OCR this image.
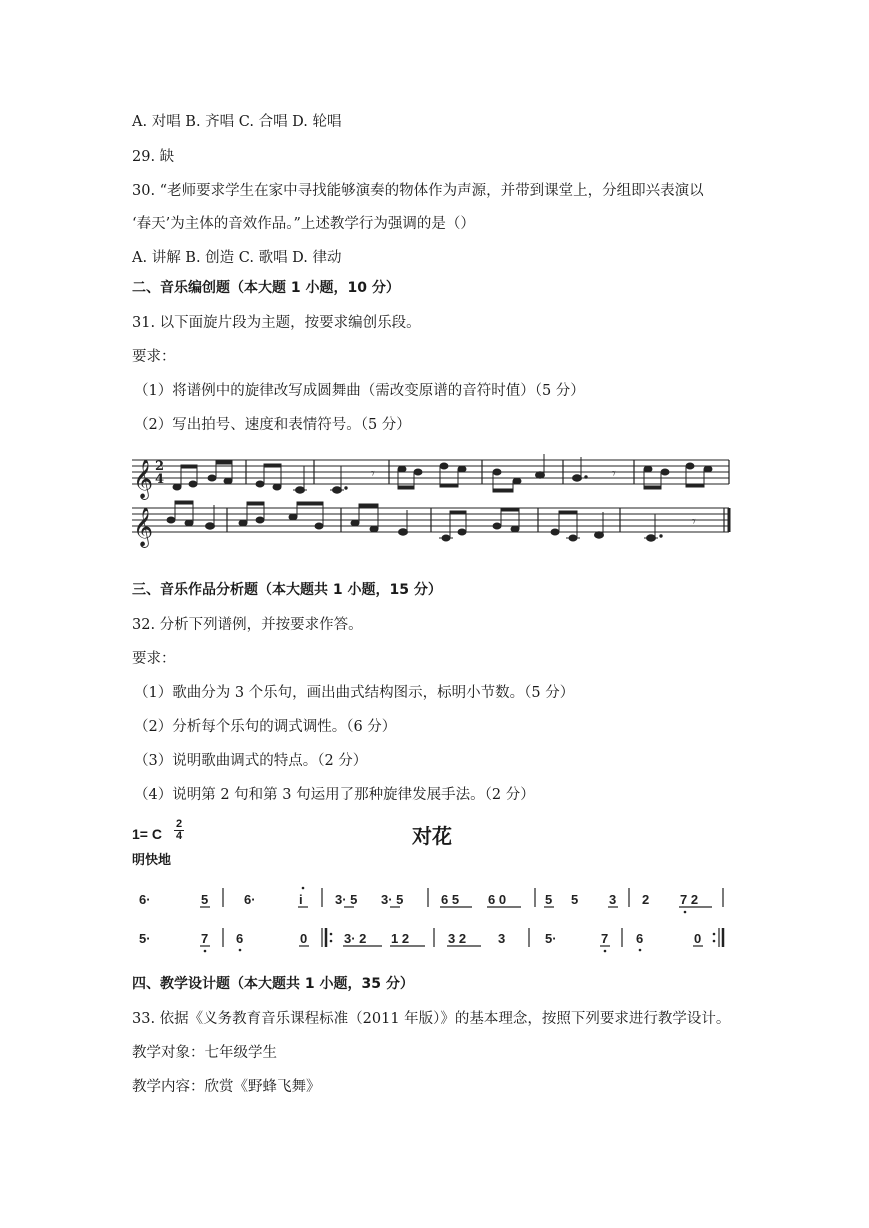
A. 对唱 B. 齐唱 C. 合唱 D. 轮唱
29. 缺
30. “老师要求学生在家中寻找能够演奏的物体作为声源，并带到课堂上，分组即兴表演以
‘春天’为主体的音效作品。”上述教学行为强调的是（）
A. 讲解 B. 创造 C. 歌唱 D. 律动
二、音乐编创题（本大题 1 小题，10 分）
31. 以下面旋片段为主题，按要求编创乐段。
要求：
（1）将谱例中的旋律改写成圆舞曲（需改变原谱的音符时值）（5 分）
（2）写出拍号、速度和表情符号。（5 分）
𝄞
𝄞
2
4	𝄾	𝄾
𝄾
三、音乐作品分析题（本大题共 1 小题，15 分）
32. 分析下列谱例，并按要求作答。
要求：
（1）歌曲分为 3 个乐句，画出曲式结构图示，标明小节数。（5 分）
（2）分析每个乐句的调式调性。（6 分）
（3）说明歌曲调式的特点。（2 分）
（4）说明第 2 句和第 3 句运用了那种旋律发展手法。（2 分）
1= C
2
4	对花
明快地
6·	5	6·	i 3· 5 3· 5	6 5 6 0	5 5 3 2 7 2
5·	7 6	0	3· 2 1 2	3 2 3	5·	7 6	0
四、教学设计题（本大题共 1 小题，35 分）
33. 依据《义务教育音乐课程标准（2011 年版）》的基本理念，按照下列要求进行教学设计。
教学对象：七年级学生
教学内容：欣赏《野蜂飞舞》
